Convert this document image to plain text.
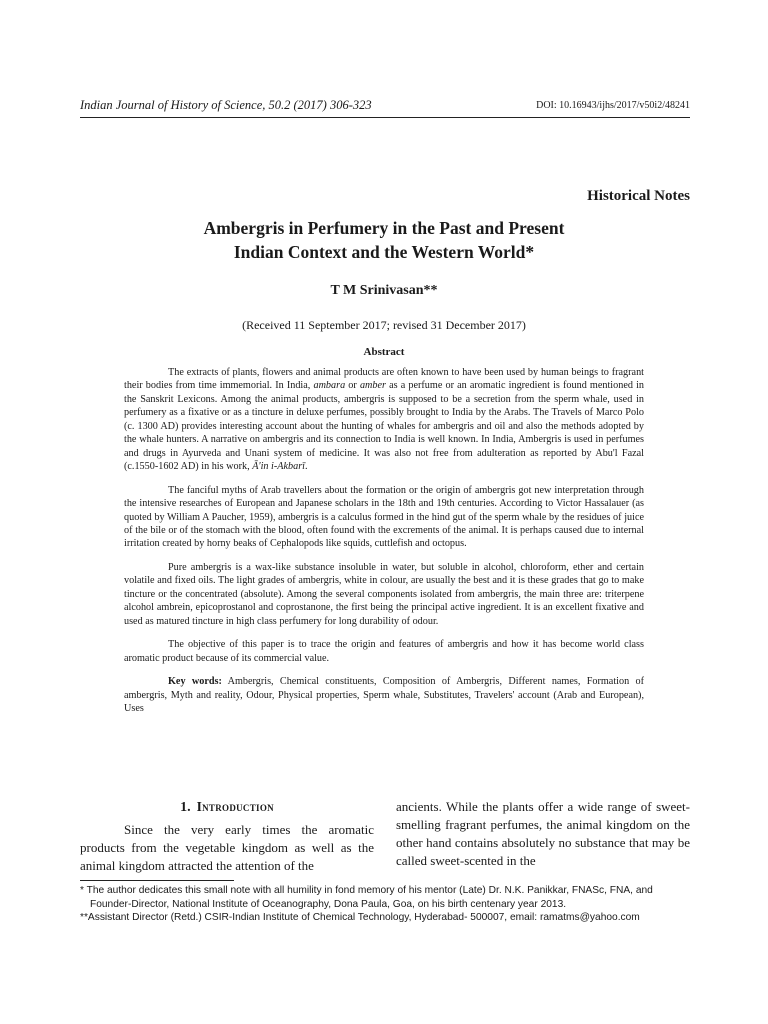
Indian Journal of History of Science, 50.2 (2017) 306-323	DOI: 10.16943/ijhs/2017/v50i2/48241
Historical Notes
Ambergris in Perfumery in the Past and Present
Indian Context and the Western World*
T M Srinivasan**
(Received 11 September 2017; revised 31 December 2017)
Abstract

The extracts of plants, flowers and animal products are often known to have been used by human beings to fragrant their bodies from time immemorial. In India, ambara or amber as a perfume or an aromatic ingredient is found mentioned in the Sanskrit Lexicons. Among the animal products, ambergris is supposed to be a secretion from the sperm whale, used in perfumery as a fixative or as a tincture in deluxe perfumes, possibly brought to India by the Arabs. The Travels of Marco Polo (c. 1300 AD) provides interesting account about the hunting of whales for ambergris and oil and also the methods adopted by the whale hunters. A narrative on ambergris and its connection to India is well known. In India, Ambergris is used in perfumes and drugs in Ayurveda and Unani system of medicine. It was also not free from adulteration as reported by Abu'l Fazal (c.1550-1602 AD) in his work, Ā'in i-Akbarī.

The fanciful myths of Arab travellers about the formation or the origin of ambergris got new interpretation through the intensive researches of European and Japanese scholars in the 18th and 19th centuries. According to Victor Hassalauer (as quoted by William A Paucher, 1959), ambergris is a calculus formed in the hind gut of the sperm whale by the residues of juice of the bile or of the stomach with the blood, often found with the excrements of the animal. It is perhaps caused due to internal irritation created by horny beaks of Cephalopods like squids, cuttlefish and octopus.

Pure ambergris is a wax-like substance insoluble in water, but soluble in alcohol, chloroform, ether and certain volatile and fixed oils. The light grades of ambergris, white in colour, are usually the best and it is these grades that go to make tincture or the concentrated (absolute). Among the several components isolated from ambergris, the main three are: triterpene alcohol ambrein, epicoprostanol and coprostanone, the first being the principal active ingredient. It is an excellent fixative and used as matured tincture in high class perfumery for long durability of odour.

The objective of this paper is to trace the origin and features of ambergris and how it has become world class aromatic product because of its commercial value.

Key words: Ambergris, Chemical constituents, Composition of Ambergris, Different names, Formation of ambergris, Myth and reality, Odour, Physical properties, Sperm whale, Substitutes, Travelers' account (Arab and European), Uses

1. Introduction

Since the very early times the aromatic products from the vegetable kingdom as well as the animal kingdom attracted the attention of the

ancients. While the plants offer a wide range of sweet-smelling fragrant perfumes, the animal kingdom on the other hand contains absolutely no substance that may be called sweet-scented in the

* The author dedicates this small note with all humility in fond memory of his mentor (Late) Dr. N.K. Panikkar, FNASc, FNA, and Founder-Director, National Institute of Oceanography, Dona Paula, Goa, on his birth centenary year 2013.

**Assistant Director (Retd.) CSIR-Indian Institute of Chemical Technology, Hyderabad- 500007, email: ramatms@yahoo.com
